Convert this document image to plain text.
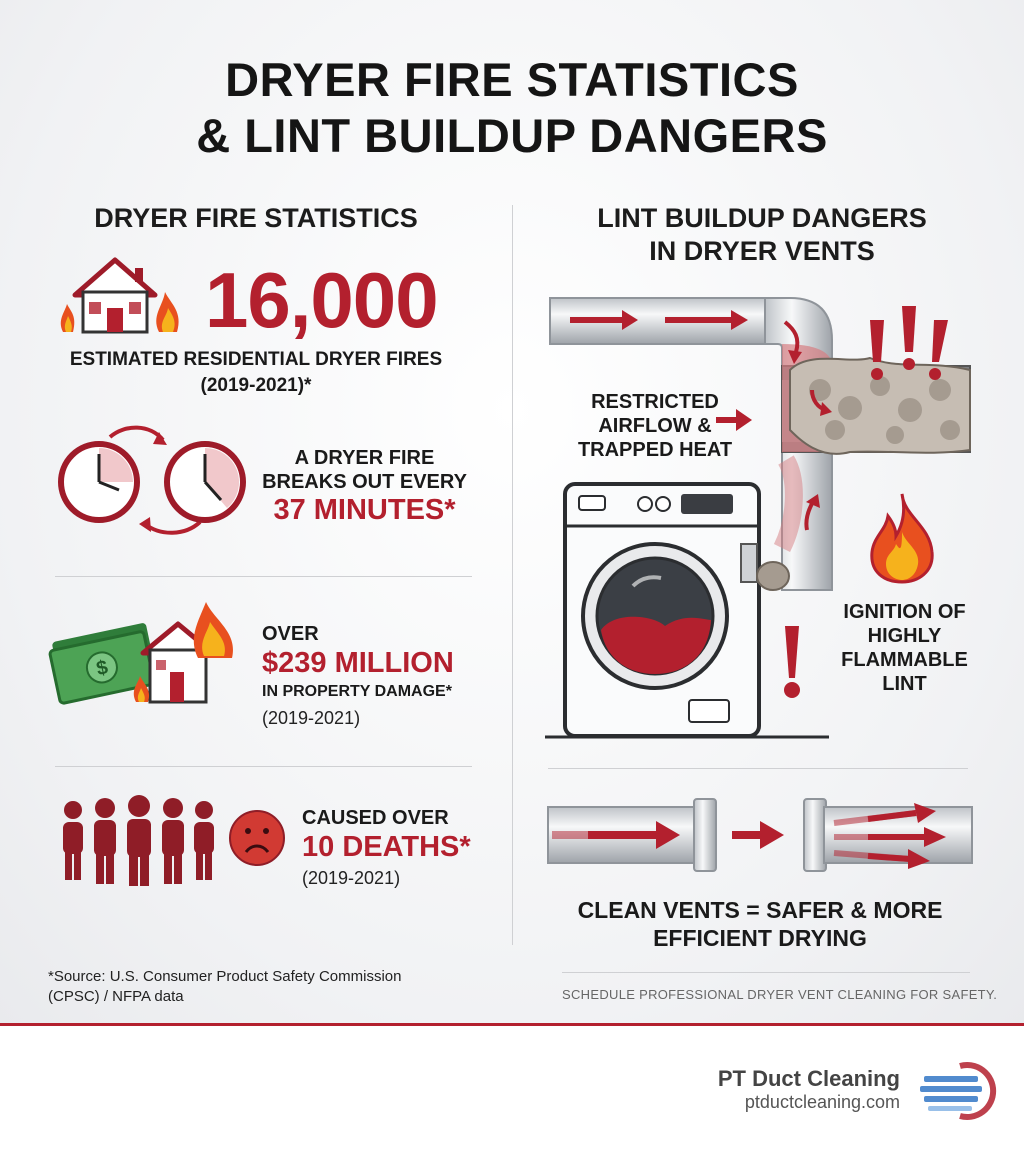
DRYER FIRE STATISTICS
& LINT BUILDUP DANGERS
DRYER FIRE STATISTICS
16,000
ESTIMATED RESIDENTIAL DRYER FIRES
(2019-2021)*
A DRYER FIRE
BREAKS OUT EVERY
37 MINUTES*
$
OVER
$239 MILLION
IN PROPERTY DAMAGE*
(2019-2021)
CAUSED OVER
10 DEATHS*
(2019-2021)
*Source: U.S. Consumer Product Safety Commission
(CPSC) / NFPA data
LINT BUILDUP DANGERS
IN DRYER VENTS
RESTRICTED
AIRFLOW &
TRAPPED HEAT
IGNITION OF
HIGHLY
FLAMMABLE
LINT
CLEAN VENTS = SAFER & MORE
EFFICIENT DRYING
SCHEDULE PROFESSIONAL DRYER VENT CLEANING FOR SAFETY.
PT Duct Cleaning
ptductcleaning.com
